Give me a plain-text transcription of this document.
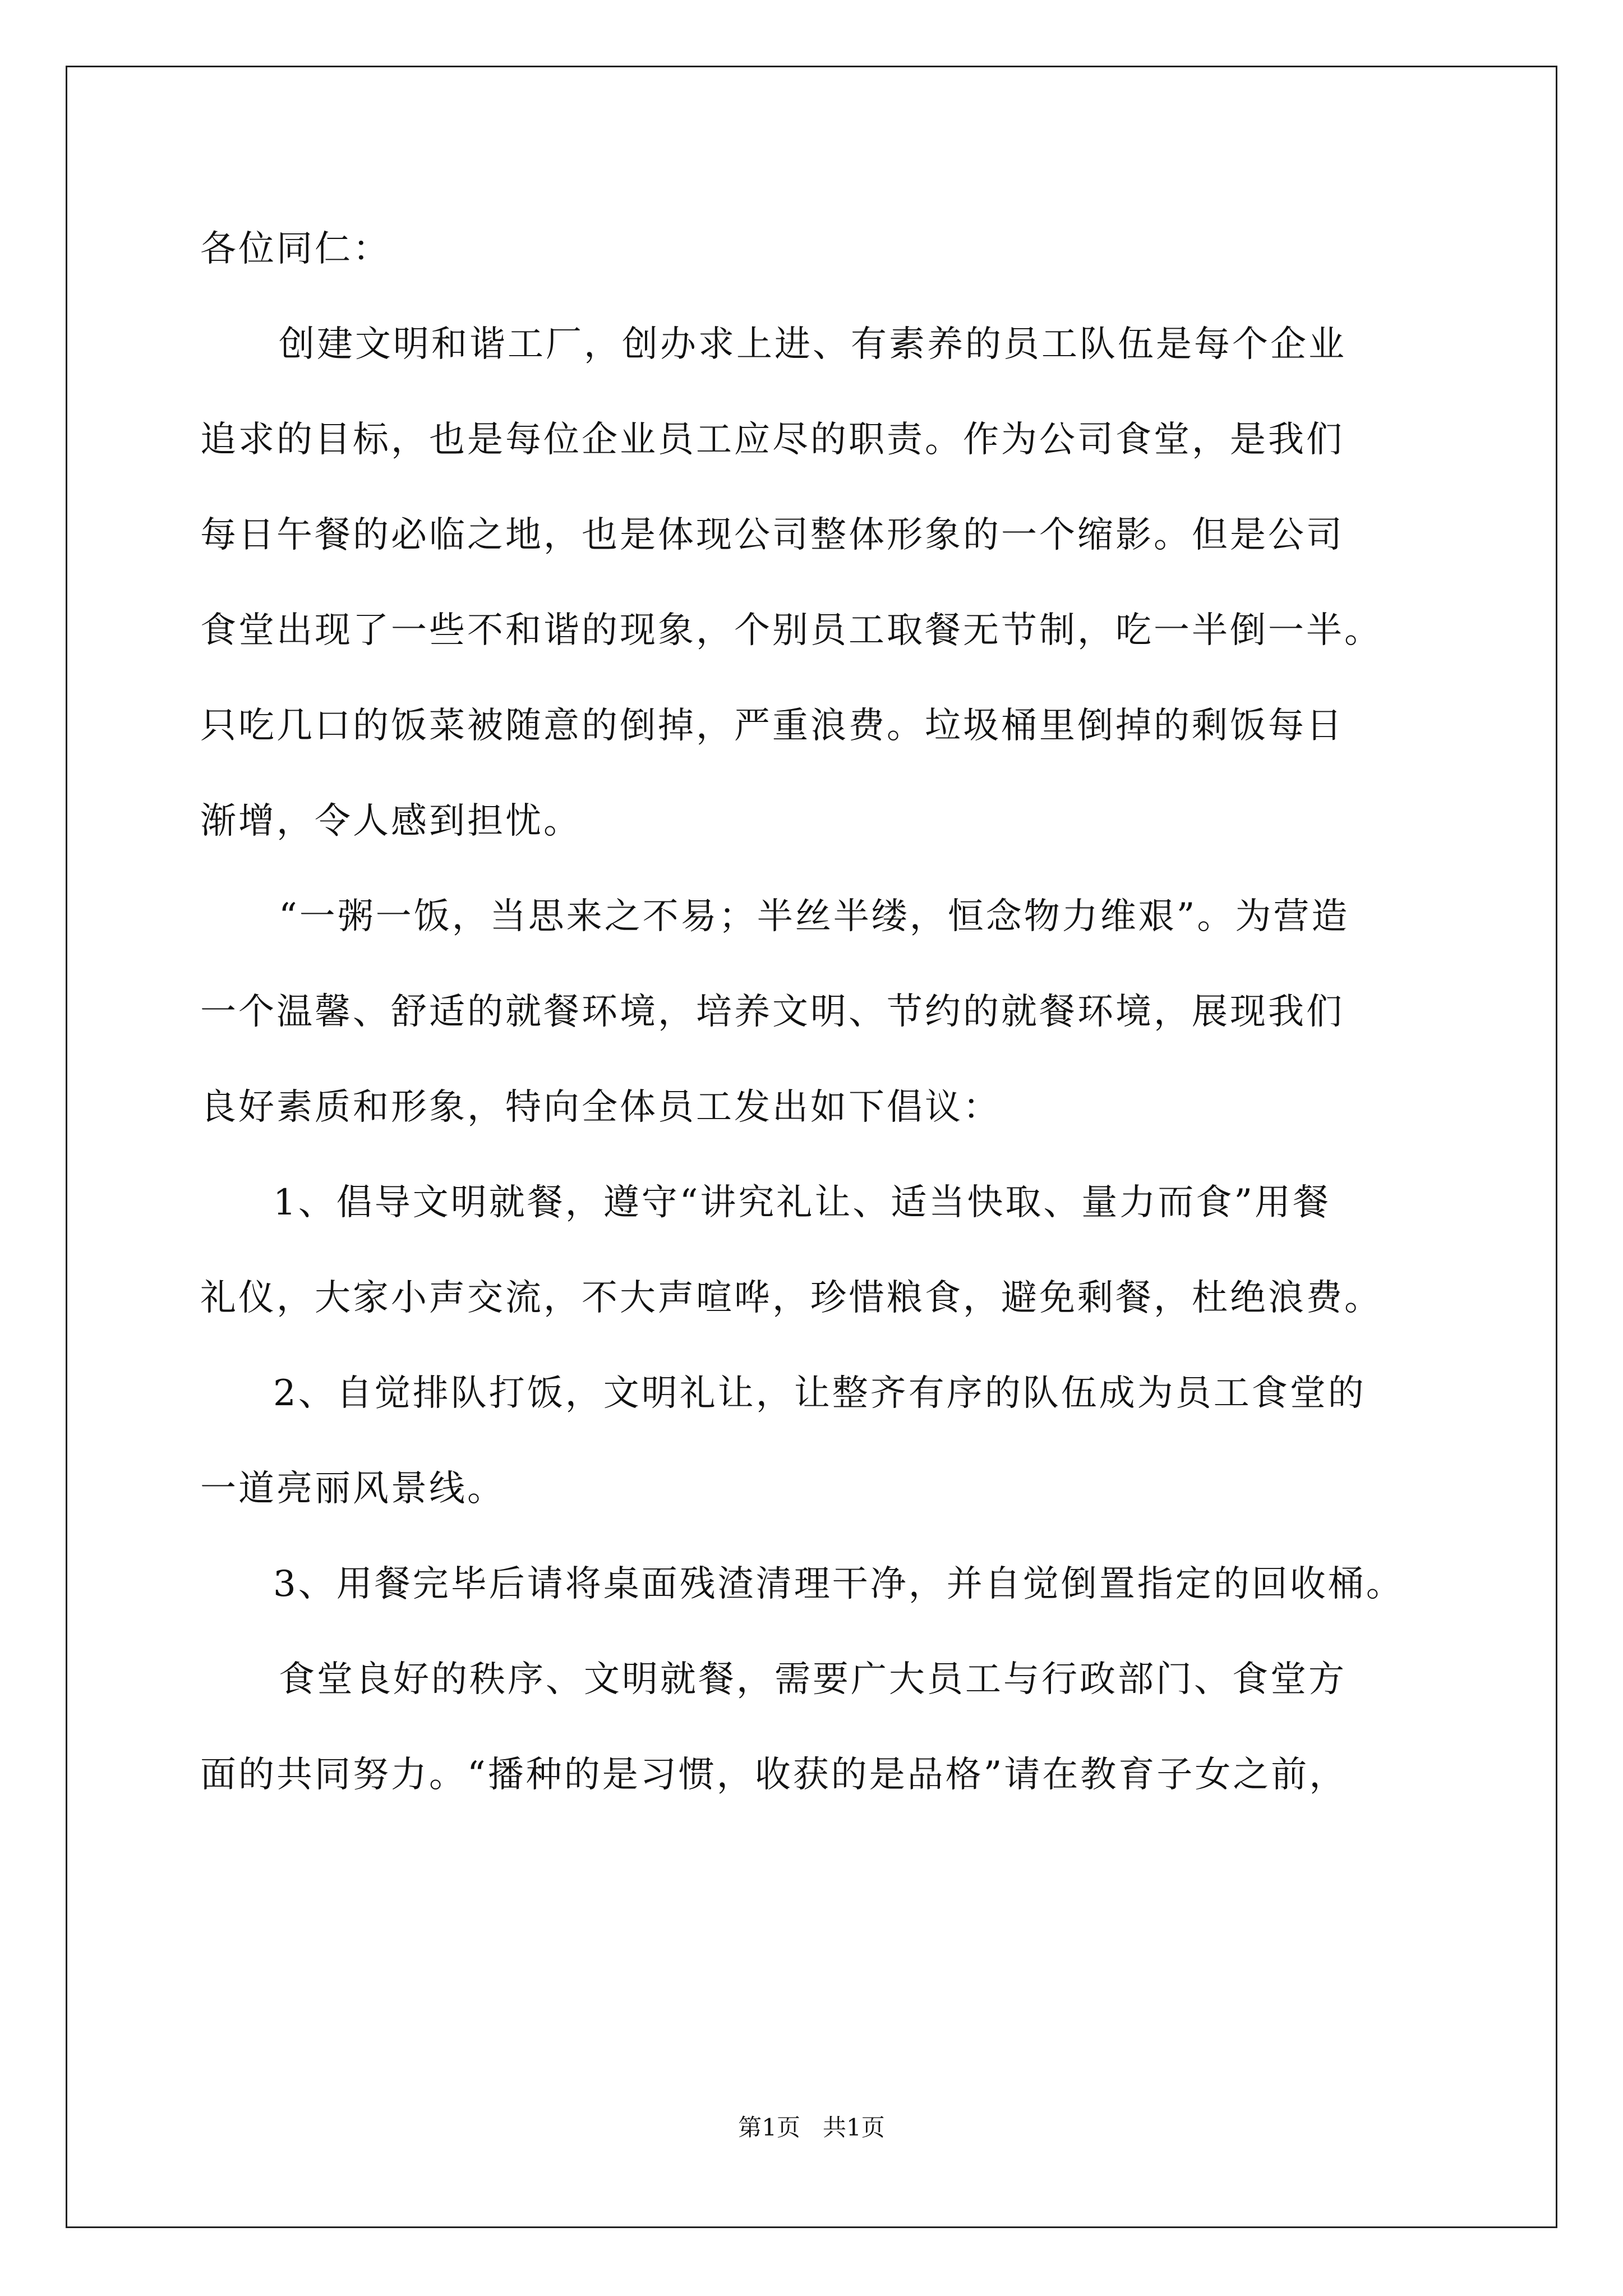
各位同仁：
创建文明和谐工厂，创办求上进、有素养的员工队伍是每个企业
追求的目标，也是每位企业员工应尽的职责。作为公司食堂，是我们
每日午餐的必临之地，也是体现公司整体形象的一个缩影。但是公司
食堂出现了一些不和谐的现象，个别员工取餐无节制，吃一半倒一半。
只吃几口的饭菜被随意的倒掉，严重浪费。垃圾桶里倒掉的剩饭每日
渐增，令人感到担忧。
“一粥一饭，当思来之不易；半丝半缕，恒念物力维艰”。为营造
一个温馨、舒适的就餐环境，培养文明、节约的就餐环境，展现我们
良好素质和形象，特向全体员工发出如下倡议：
1、倡导文明就餐，遵守“讲究礼让、适当快取、量力而食”用餐
礼仪，大家小声交流，不大声喧哗，珍惜粮食，避免剩餐，杜绝浪费。
2、自觉排队打饭，文明礼让，让整齐有序的队伍成为员工食堂的
一道亮丽风景线。
3、用餐完毕后请将桌面残渣清理干净，并自觉倒置指定的回收桶。
食堂良好的秩序、文明就餐，需要广大员工与行政部门、食堂方
面的共同努力。“播种的是习惯，收获的是品格”请在教育子女之前，
第1页   共1页
